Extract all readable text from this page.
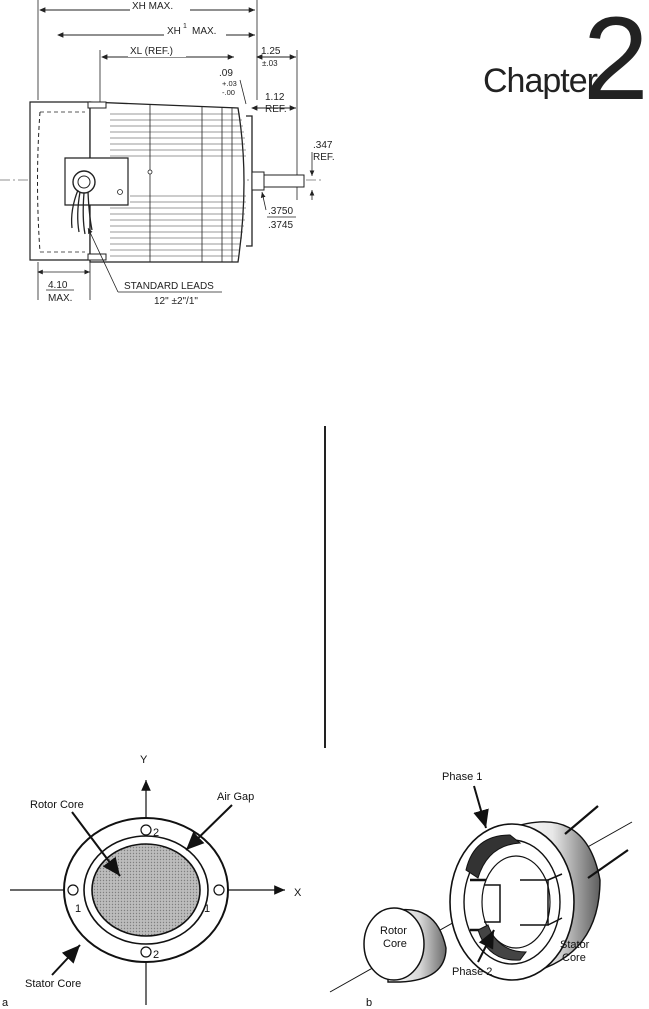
Chapter
2
XH MAX.
XH 1 MAX.
XL (REF.)	1.25
±.03
.09
+.03
-.00	1.12
REF.
.347
REF.
.3750
.3745
4.10
MAX.
STANDARD LEADS
12" ±2"/1"
Y
X
2
2
1	1
Rotor Core
Air Gap
Stator Core
a
Phase 1
Phase 2
Rotor
Core	Stator
Core
b
